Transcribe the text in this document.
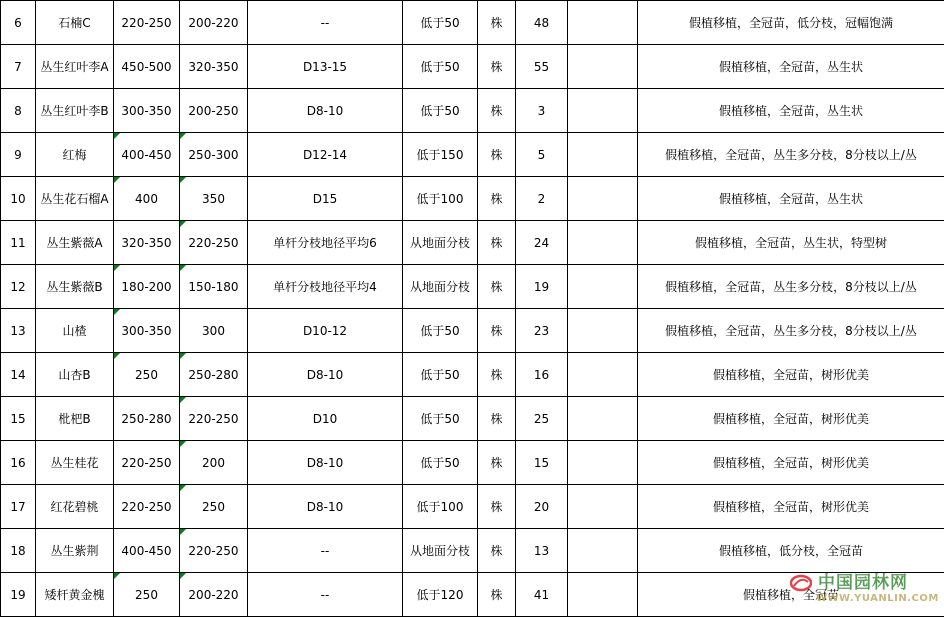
6	石楠C	220-250	200-220	--	低于50	株	48		假植移植，全冠苗，低分枝，冠幅饱满
7	丛生红叶李A	450-500	320-350	D13-15	低于50	株	55		假植移植，全冠苗，丛生状
8	丛生红叶李B	300-350	200-250	D8-10	低于50	株	3		假植移植，全冠苗，丛生状
9	红梅	400-450	250-300	D12-14	低于150	株	5		假植移植，全冠苗，丛生多分枝，8分枝以上/丛
10	丛生花石榴A	400	350	D15	低于100	株	2		假植移植，全冠苗，丛生状
11	丛生紫薇A	320-350	220-250	单杆分枝地径平均6	从地面分枝	株	24		假植移植，全冠苗，丛生状，特型树
12	丛生紫薇B	180-200	150-180	单杆分枝地径平均4	从地面分枝	株	19		假植移植，全冠苗，丛生多分枝，8分枝以上/丛
13	山楂	300-350	300	D10-12	低于50	株	23		假植移植，全冠苗，丛生多分枝，8分枝以上/丛
14	山杏B	250	250-280	D8-10	低于50	株	16		假植移植，全冠苗，树形优美
15	枇杷B	250-280	220-250	D10	低于50	株	25		假植移植，全冠苗，树形优美
16	丛生桂花	220-250	200	D8-10	低于50	株	15		假植移植，全冠苗，树形优美
17	红花碧桃	220-250	250	D8-10	低于100	株	20		假植移植，全冠苗，树形优美
18	丛生紫荆	400-450	220-250	--	从地面分枝	株	13		假植移植，低分枝，全冠苗
19	矮杆黄金槐	250	200-220	--	低于120	株	41		假植移植，全冠苗
中国园林网
WWW.YUANLIN.COM
